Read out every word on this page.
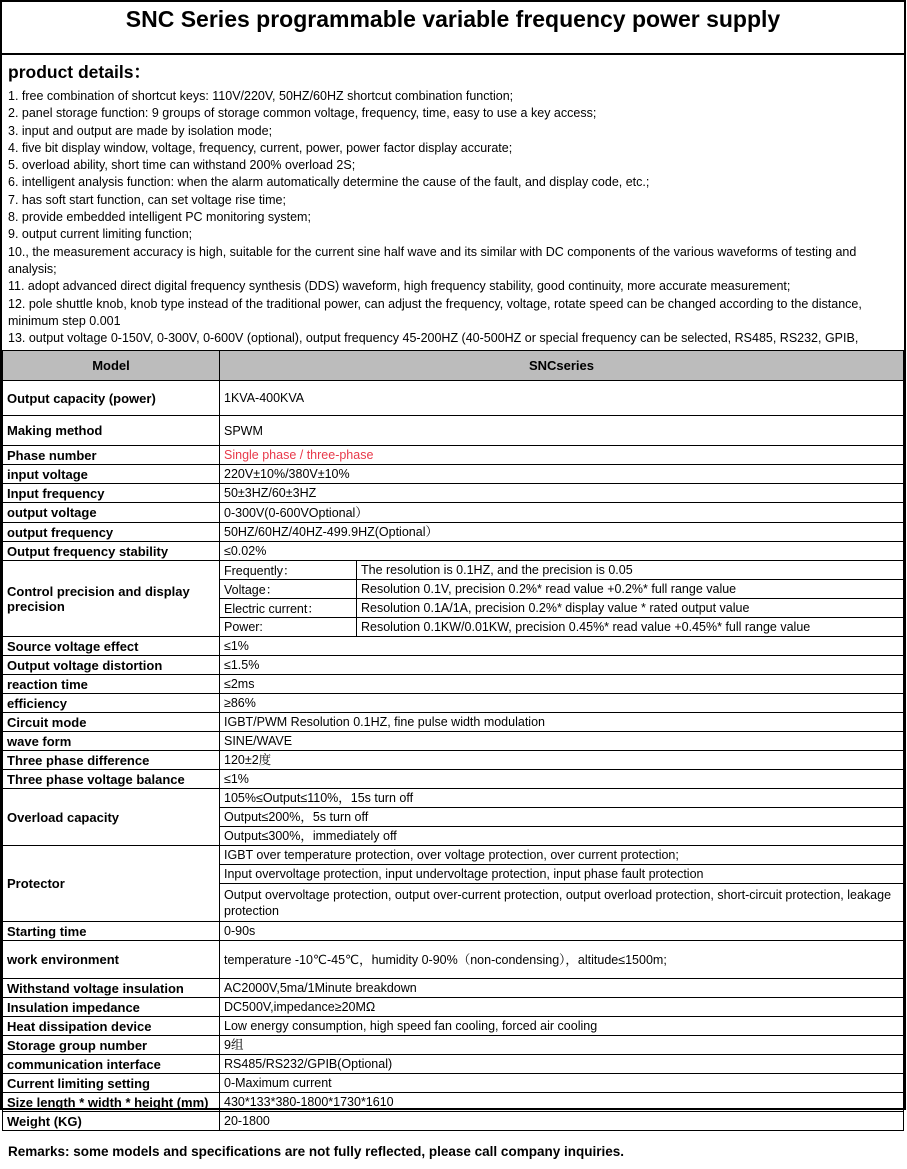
SNC Series programmable variable frequency power supply
product details：
1. free combination of shortcut keys: 110V/220V, 50HZ/60HZ shortcut combination function;
2. panel storage function: 9 groups of storage common voltage, frequency, time, easy to use a key access;
3. input and output are made by isolation mode;
4. five bit display window, voltage, frequency, current, power, power factor display accurate;
5. overload ability, short time can withstand 200% overload 2S;
6. intelligent analysis function: when the alarm automatically determine the cause of the fault, and display code, etc.;
7. has soft start function, can set voltage rise time;
8. provide embedded intelligent PC monitoring system;
9. output current limiting function;
10., the measurement accuracy is high, suitable for the current sine half wave and its similar with DC components of the various waveforms of testing and analysis;
11. adopt advanced direct digital frequency synthesis (DDS) waveform, high frequency stability, good continuity, more accurate measurement;
12. pole shuttle knob, knob type instead of the traditional power, can adjust the frequency, voltage, rotate speed can be changed according to the distance, minimum step 0.001
13. output voltage 0-150V, 0-300V, 0-600V (optional), output frequency 45-200HZ (40-500HZ or special frequency can be selected, RS485, RS232, GPIB,
Model	SNCseries	
Output capacity (power)	1KVA-400KVA	
Making method	SPWM	
Phase number	Single phase / three-phase	
input voltage	220V±10%/380V±10%	
Input frequency	50±3HZ/60±3HZ	
output voltage	0-300V(0-600VOptional）	
output frequency	50HZ/60HZ/40HZ-499.9HZ(Optional）	
Output frequency stability	≤0.02%	
Control precision and display precision	Frequently：	The resolution is 0.1HZ, and the precision is 0.05
	Voltage：	Resolution 0.1V, precision 0.2%* read value +0.2%* full range value
	Electric current：	Resolution 0.1A/1A, precision 0.2%* display value * rated output value
	Power:	Resolution 0.1KW/0.01KW, precision 0.45%* read value +0.45%* full range value
Source voltage effect	≤1%	
Output voltage distortion	≤1.5%	
reaction time	≤2ms	
efficiency	≥86%	
Circuit mode	IGBT/PWM Resolution 0.1HZ, fine pulse width modulation	
wave form	SINE/WAVE	
Three phase difference	120±2度	
Three phase voltage balance	≤1%	
Overload capacity	105%≤Output≤110%，15s turn off	
	Output≤200%，5s turn off	
	Output≤300%，immediately off	
Protector	IGBT over temperature protection, over voltage protection, over current protection;	
	Input overvoltage protection, input undervoltage protection, input phase fault protection	
	Output overvoltage protection, output over-current protection, output overload protection, short-circuit protection, leakage protection	
Starting time	0-90s	
work environment	temperature -10℃-45℃，humidity 0-90%（non-condensing），altitude≤1500m;	
Withstand voltage insulation	AC2000V,5ma/1Minute breakdown	
Insulation impedance	DC500V,impedance≥20MΩ	
Heat dissipation device	Low energy consumption, high speed fan cooling, forced air cooling	
Storage group number	9组	
communication interface	RS485/RS232/GPIB(Optional)	
Current limiting setting	0-Maximum current	
Size length * width * height (mm)	430*133*380-1800*1730*1610	
Weight (KG)	20-1800	
Remarks: some models and specifications are not fully reflected, please call company inquiries.
